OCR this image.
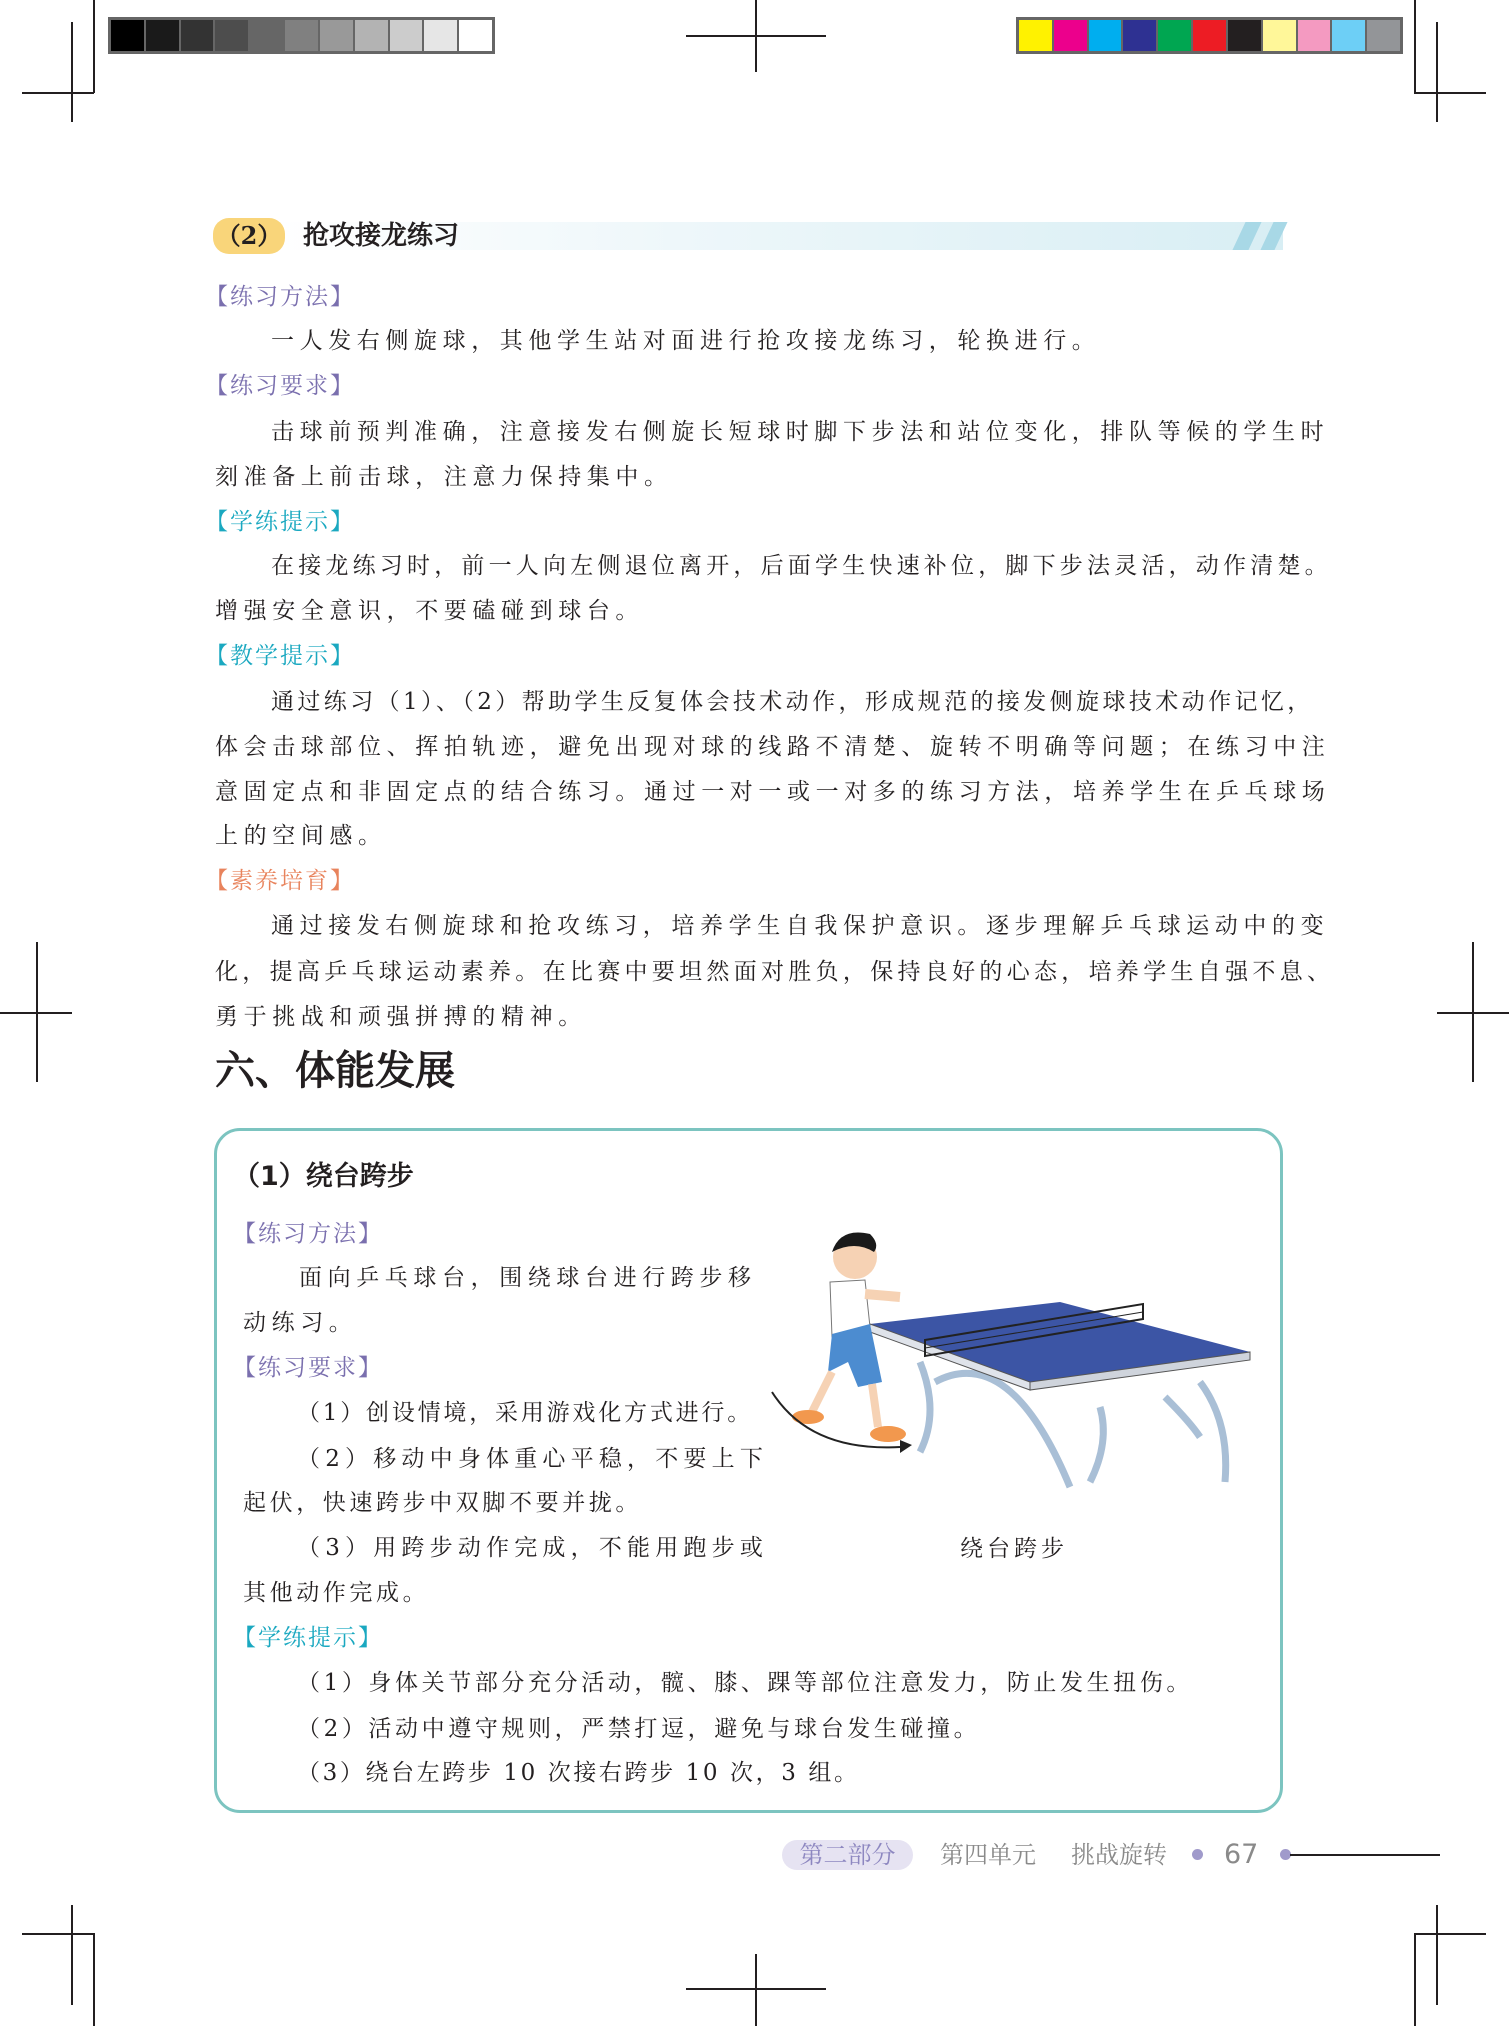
（2） 抢攻接龙练习
【练习方法】
一人发右侧旋球，其他学生站对面进行抢攻接龙练习，轮换进行。
【练习要求】
击球前预判准确，注意接发右侧旋长短球时脚下步法和站位变化，排队等候的学生时
刻准备上前击球，注意力保持集中。
【学练提示】
在接龙练习时，前一人向左侧退位离开，后面学生快速补位，脚下步法灵活，动作清楚。
增强安全意识，不要磕碰到球台。
【教学提示】
通过练习（1）、（2）帮助学生反复体会技术动作，形成规范的接发侧旋球技术动作记忆，
体会击球部位、挥拍轨迹，避免出现对球的线路不清楚、旋转不明确等问题；在练习中注
意固定点和非固定点的结合练习。通过一对一或一对多的练习方法，培养学生在乒乓球场
上的空间感。
【素养培育】
通过接发右侧旋球和抢攻练习，培养学生自我保护意识。逐步理解乒乓球运动中的变
化，提高乒乓球运动素养。在比赛中要坦然面对胜负，保持良好的心态，培养学生自强不息、
勇于挑战和顽强拼搏的精神。
六、体能发展
（1）绕台跨步
【练习方法】
面向乒乓球台，围绕球台进行跨步移
动练习。
【练习要求】
（1）创设情境，采用游戏化方式进行。
（2）移动中身体重心平稳，不要上下
起伏，快速跨步中双脚不要并拢。
（3）用跨步动作完成，不能用跑步或
其他动作完成。
【学练提示】
（1）身体关节部分充分活动，髋、膝、踝等部位注意发力，防止发生扭伤。
（2）活动中遵守规则，严禁打逗，避免与球台发生碰撞。
（3）绕台左跨步 10 次接右跨步 10 次，3 组。
绕台跨步
第二部分	第四单元 挑战旋转 67
